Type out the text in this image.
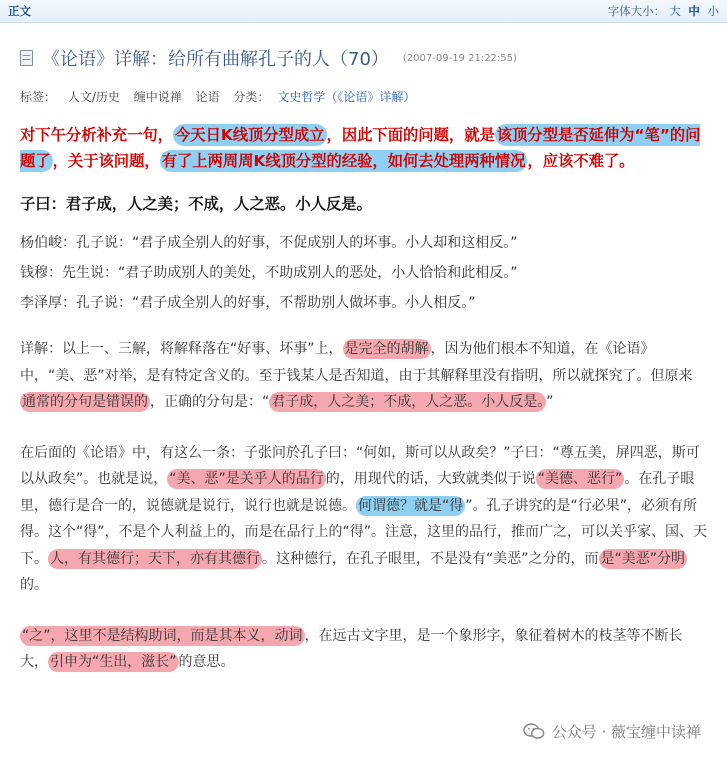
正文	字体大小： 大 中 小
《论语》详解：给所有曲解孔子的人（70） (2007-09-19 21:22:55)
标签： 人文/历史 缠中说禅 论语 分类： 文史哲学（《论语》详解）
对下午分析补充一句， 今天日K线顶分型成立 ，因此下面的问题，就是 该顶分型是否延伸为“笔”的问题了 ，关于该问题， 有了上两周周K线顶分型的经验，如何去处理两种情况 ，应该不难了。
子曰：君子成，人之美；不成，人之恶。小人反是。
杨伯峻：孔子说：“君子成全别人的好事，不促成别人的坏事。小人却和这相反。”
钱穆：先生说：“君子助成别人的美处，不助成别人的恶处，小人恰恰和此相反。”
李泽厚：孔子说：“君子成全别人的好事，不帮助别人做坏事。小人相反。”
详解：以上一、三解，将解释落在“好事、坏事”上， 是完全的胡解 ，因为他们根本不知道，在《论语》中，“美、恶”对举，是有特定含义的。至于钱某人是否知道，由于其解释里没有指明，所以就探究了。但原来通常的分句是错误的 ，正确的分句是：“ 君子成，人之美；不成，人之恶。小人反是。 ”
在后面的《论语》中，有这么一条：子张问於孔子曰：“何如，斯可以从政矣？”子曰：“尊五美，屏四恶，斯可以从政矣”。也就是说， “美、恶”是关乎人的品行 的，用现代的话，大致就类似于说 “美德、恶行” 。在孔子眼里，德行是合一的，说德就是说行，说行也就是说德。 何谓德？就是“得 ”。孔子讲究的是“行必果”，必须有所得。这个“得”，不是个人利益上的，而是在品行上的“得”。注意，这里的品行，推而广之，可以关乎家、国、天下。 人，有其德行；天下，亦有其德行 。这种德行，在孔子眼里，不是没有“美恶”之分的，而 是“美恶”分明的。
“之”，这里不是结构助词，而是其本义，动词 ，在远古文字里，是一个象形字，象征着树木的枝茎等不断长大， 引申为“生出，滋长” 的意思。
公众号 · 薇宝缠中读禅
